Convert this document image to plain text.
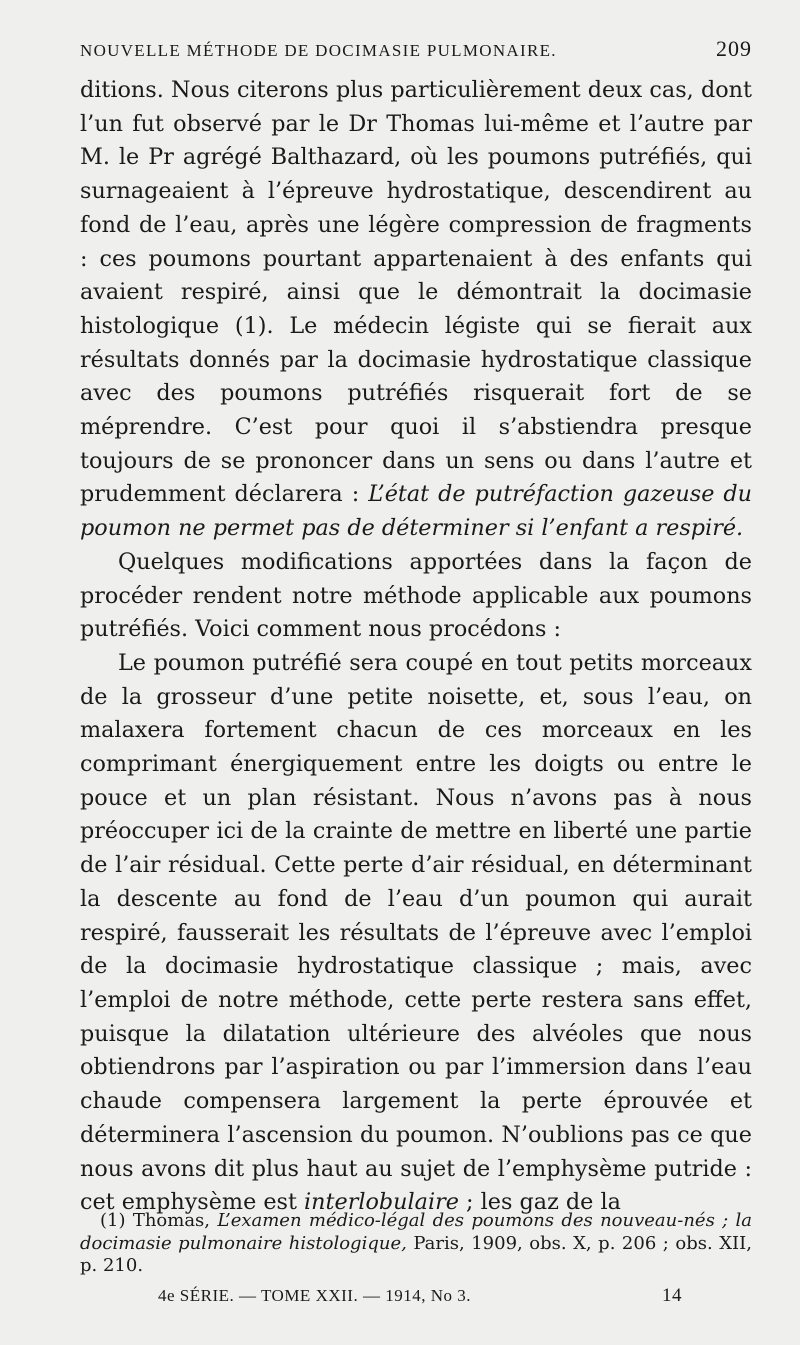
NOUVELLE MÉTHODE DE DOCIMASIE PULMONAIRE.	209

ditions. Nous citerons plus particulièrement deux cas, dont l’un fut observé par le Dr Thomas lui-même et l’autre par M. le Pr agrégé Balthazard, où les poumons putréfiés, qui surnageaient à l’épreuve hydrostatique, descendirent au fond de l’eau, après une légère compression de fragments : ces poumons pourtant appartenaient à des enfants qui avaient respiré, ainsi que le démontrait la docimasie histologique (1). Le médecin légiste qui se fierait aux résultats donnés par la docimasie hydrostatique classique avec des poumons putréfiés risquerait fort de se méprendre. C’est pour quoi il s’abstiendra presque toujours de se prononcer dans un sens ou dans l’autre et prudemment déclarera : L’état de putréfaction gazeuse du poumon ne permet pas de déterminer si l’enfant a respiré.

Quelques modifications apportées dans la façon de procéder rendent notre méthode applicable aux poumons putréfiés. Voici comment nous procédons :

Le poumon putréfié sera coupé en tout petits morceaux de la grosseur d’une petite noisette, et, sous l’eau, on malaxera fortement chacun de ces morceaux en les comprimant énergiquement entre les doigts ou entre le pouce et un plan résistant. Nous n’avons pas à nous préoccuper ici de la crainte de mettre en liberté une partie de l’air résidual. Cette perte d’air résidual, en déterminant la descente au fond de l’eau d’un poumon qui aurait respiré, fausserait les résultats de l’épreuve avec l’emploi de la docimasie hydrostatique classique ; mais, avec l’emploi de notre méthode, cette perte restera sans effet, puisque la dilatation ultérieure des alvéoles que nous obtiendrons par l’aspiration ou par l’immersion dans l’eau chaude compensera largement la perte éprouvée et déterminera l’ascension du poumon. N’oublions pas ce que nous avons dit plus haut au sujet de l’emphysème putride : cet emphysème est interlobulaire ; les gaz de la

(1) Thomas, L’examen médico-légal des poumons des nouveau-nés ; la docimasie pulmonaire histologique, Paris, 1909, obs. X, p. 206 ; obs. XII, p. 210.

4e SÉRIE. — TOME XXII. — 1914, No 3.	14
